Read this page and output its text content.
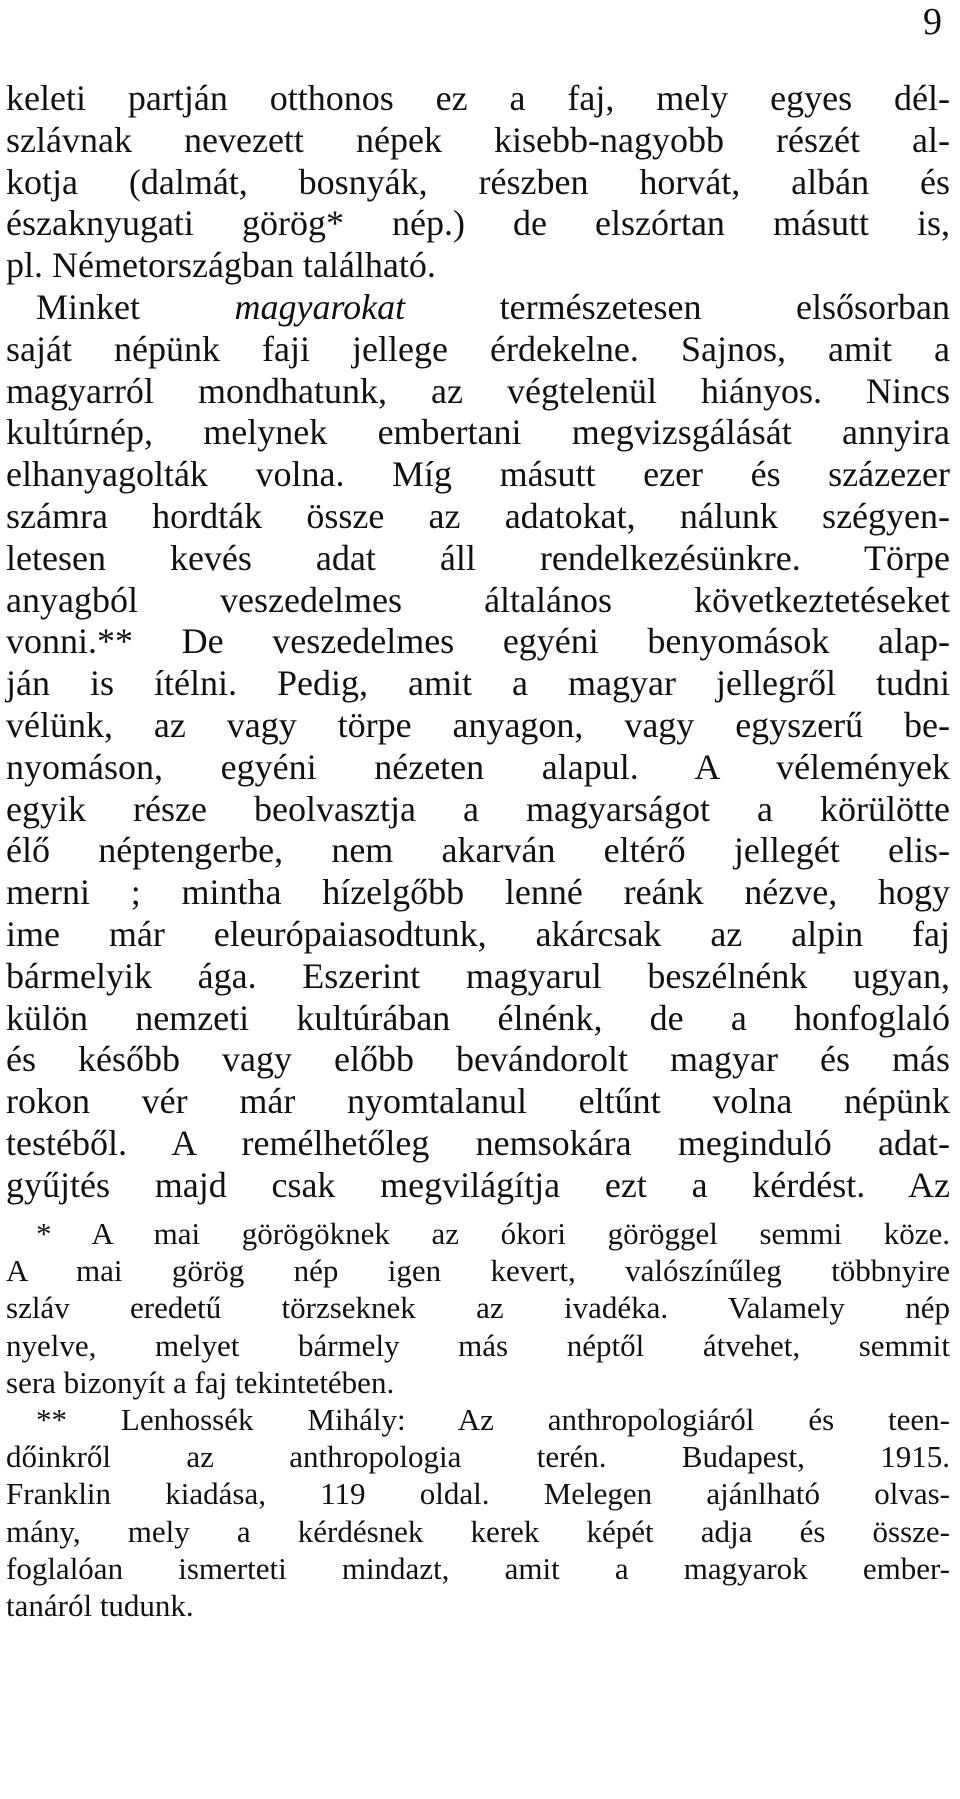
9
keleti partján otthonos ez a faj, mely egyes dél-
szlávnak nevezett népek kisebb-nagyobb részét al-
kotja (dalmát, bosnyák, részben horvát, albán és
északnyugati görög* nép.) de elszórtan másutt is,
pl. Németországban található.
Minket magyarokat természetesen elsősorban
saját népünk faji jellege érdekelne. Sajnos, amit a
magyarról mondhatunk, az végtelenül hiányos. Nincs
kultúrnép, melynek embertani megvizsgálását annyira
elhanyagolták volna. Míg másutt ezer és százezer
számra hordták össze az adatokat, nálunk szégyen-
letesen kevés adat áll rendelkezésünkre. Törpe
anyagból veszedelmes általános következtetéseket
vonni.** De veszedelmes egyéni benyomások alap-
ján is ítélni. Pedig, amit a magyar jellegről tudni
vélünk, az vagy törpe anyagon, vagy egyszerű be-
nyomáson, egyéni nézeten alapul. A vélemények
egyik része beolvasztja a magyarságot a körülötte
élő néptengerbe, nem akarván eltérő jellegét elis-
merni ; mintha hízelgőbb lenné reánk nézve, hogy
ime már eleurópaiasodtunk, akárcsak az alpin faj
bármelyik ága. Eszerint magyarul beszélnénk ugyan,
külön nemzeti kultúrában élnénk, de a honfoglaló
és később vagy előbb bevándorolt magyar és más
rokon vér már nyomtalanul eltűnt volna népünk
testéből. A remélhetőleg nemsokára meginduló adat-
gyűjtés majd csak megvilágítja ezt a kérdést. Az
* A mai görögöknek az ókori göröggel semmi köze.
A mai görög nép igen kevert, valószínűleg többnyire
szláv eredetű törzseknek az ivadéka. Valamely nép
nyelve, melyet bármely más néptől átvehet, semmit
sera bizonyít a faj tekintetében.
** Lenhossék Mihály: Az anthropologiáról és teen-
dőinkről az anthropologia terén. Budapest, 1915.
Franklin kiadása, 119 oldal. Melegen ajánlható olvas-
mány, mely a kérdésnek kerek képét adja és össze-
foglalóan ismerteti mindazt, amit a magyarok ember-
tanáról tudunk.
